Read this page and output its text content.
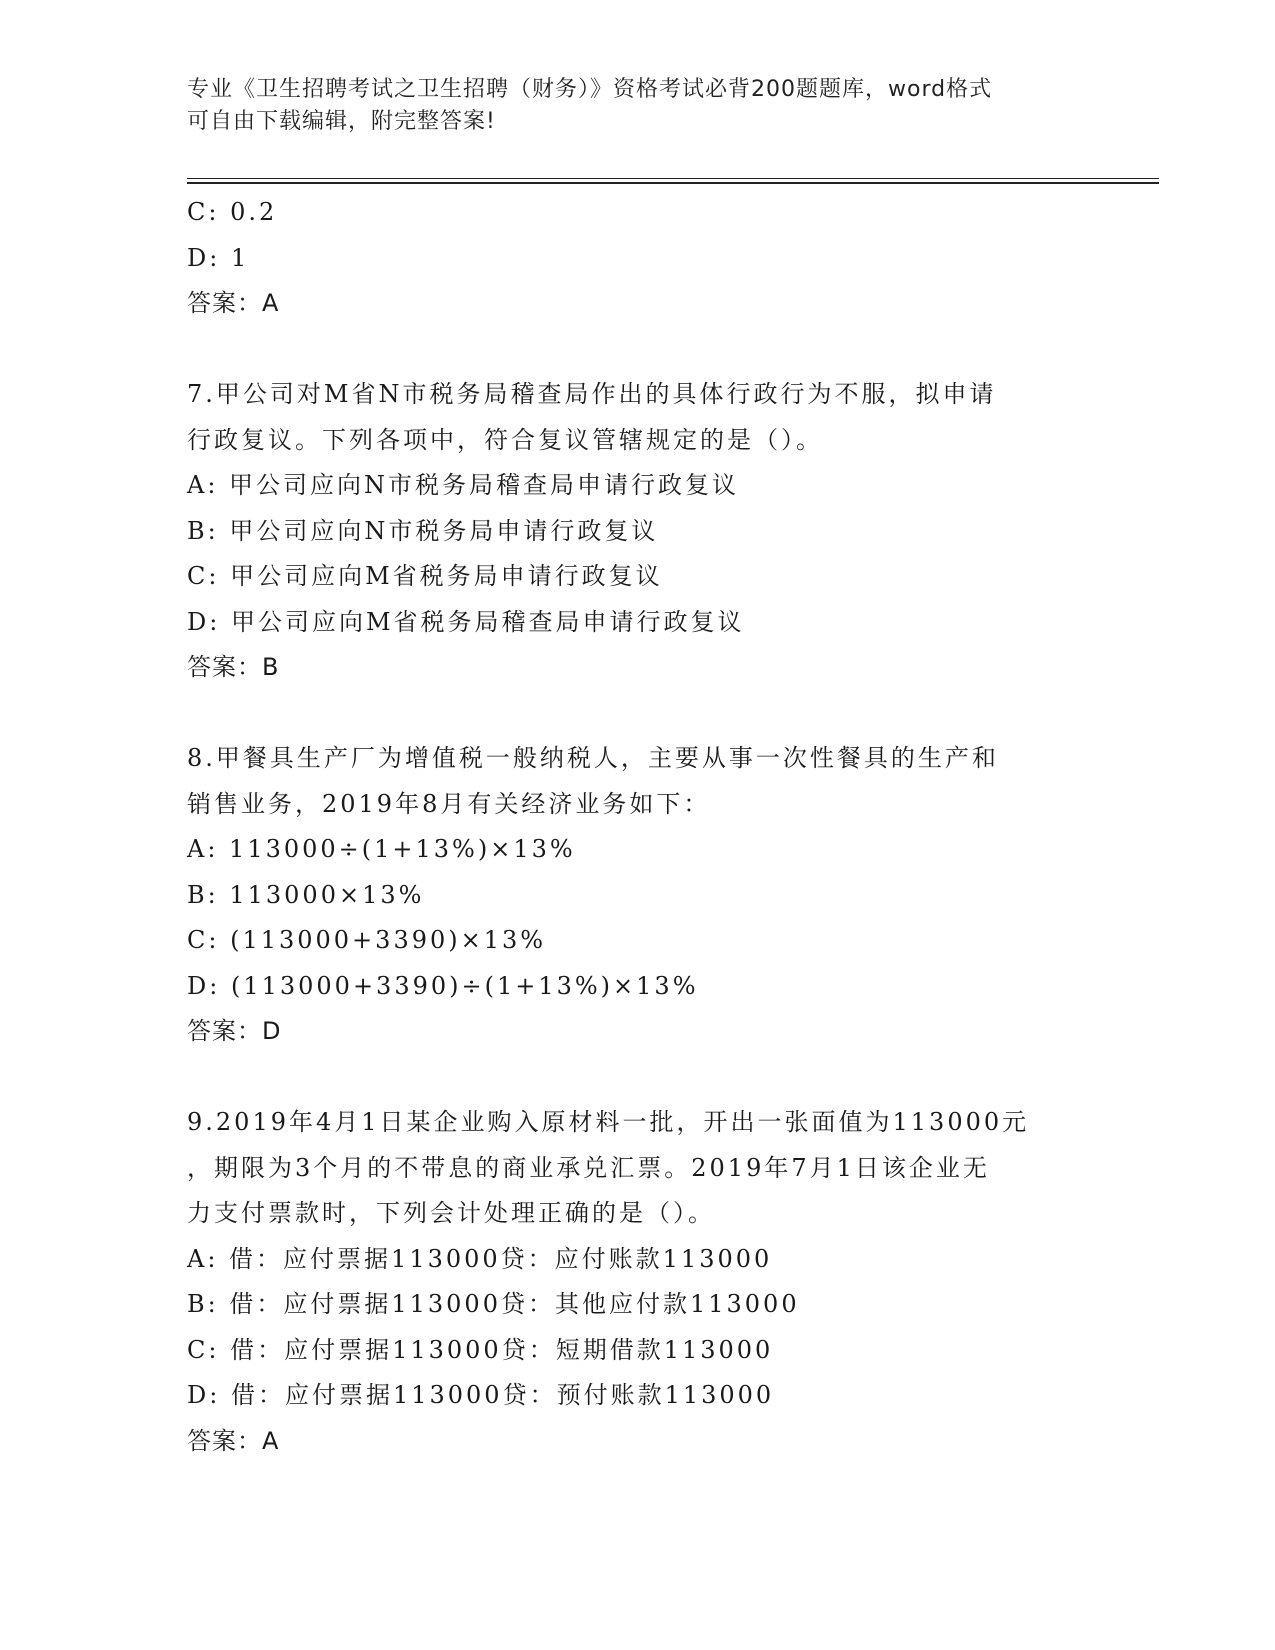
专业《卫生招聘考试之卫生招聘（财务）》资格考试必背200题题库，word格式

可自由下载编辑，附完整答案!

C: 0.2
D: 1
答案：A
7.甲公司对M省N市税务局稽查局作出的具体行政行为不服，拟申请
行政复议。下列各项中，符合复议管辖规定的是（）。
A: 甲公司应向N市税务局稽查局申请行政复议
B: 甲公司应向N市税务局申请行政复议
C: 甲公司应向M省税务局申请行政复议
D: 甲公司应向M省税务局稽查局申请行政复议
答案：B
8.甲餐具生产厂为增值税一般纳税人，主要从事一次性餐具的生产和
销售业务，2019年8月有关经济业务如下：
A: 113000÷(1+13%)×13%
B: 113000×13%
C: (113000+3390)×13%
D: (113000+3390)÷(1+13%)×13%
答案：D
9.2019年4月1日某企业购入原材料一批，开出一张面值为113000元
，期限为3个月的不带息的商业承兑汇票。2019年7月1日该企业无
力支付票款时，下列会计处理正确的是（）。
A: 借：应付票据113000贷：应付账款113000
B: 借：应付票据113000贷：其他应付款113000
C: 借：应付票据113000贷：短期借款113000
D: 借：应付票据113000贷：预付账款113000
答案：A
